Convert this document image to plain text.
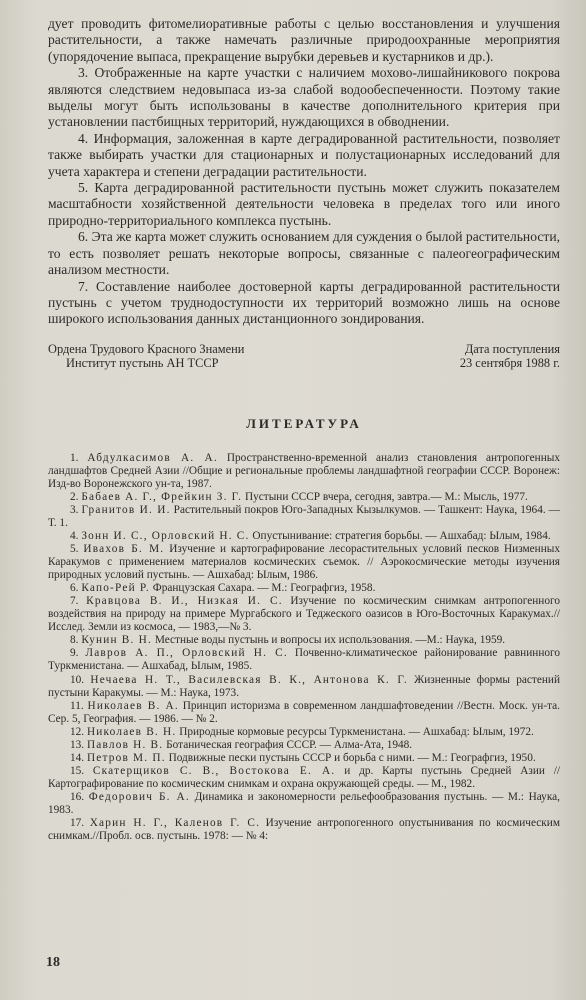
дует проводить фитомелиоративные работы с целью восстановления и улучшения растительности, а также намечать различные природоохранные мероприятия (упорядочение выпаса, прекращение вырубки деревьев и кустарников и др.).

3. Отображенные на карте участки с наличием мохово-лишайникового покрова являются следствием недовыпаса из-за слабой водообеспеченности. Поэтому такие выделы могут быть использованы в качестве дополнительного критерия при установлении пастбищных территорий, нуждающихся в обводнении.

4. Информация, заложенная в карте деградированной растительности, позволяет также выбирать участки для стационарных и полустационарных исследований для учета характера и степени деградации растительности.

5. Карта деградированной растительности пустынь может служить показателем масштабности хозяйственной деятельности человека в пределах того или иного природно-территориального комплекса пустынь.

6. Эта же карта может служить основанием для суждения о былой растительности, то есть позволяет решать некоторые вопросы, связанные с палеогеографическим анализом местности.

7. Составление наиболее достоверной карты деградированной растительности пустынь с учетом труднодоступности их территорий возможно лишь на основе широкого использования данных дистанционного зондирования.

Ордена Трудового Красного Знамени
Институт пустынь АН ТССР
Дата поступления
23 сентября 1988 г.
ЛИТЕРАТУРА

1. Абдулкасимов А. А. Пространственно-временной анализ становления антропогенных ландшафтов Средней Азии //Общие и региональные проблемы ландшафтной географии СССР. Воронеж: Изд-во Воронежского ун-та, 1987.

2. Бабаев А. Г., Фрейкин З. Г. Пустыни СССР вчера, сегодня, завтра.— М.: Мысль, 1977.

3. Гранитов И. И. Растительный покров Юго-Западных Кызылкумов. — Ташкент: Наука, 1964. — Т. 1.

4. Зонн И. С., Орловский Н. С. Опустынивание: стратегия борьбы. — Ашхабад: Ылым, 1984.

5. Ивахов Б. М. Изучение и картографирование лесорастительных условий песков Низменных Каракумов с применением материалов космических съемок. // Аэрокосмические методы изучения природных условий пустынь. — Ашхабад: Ылым, 1986.

6. Капо-Рей Р. Французская Сахара. — М.: Географгиз, 1958.

7. Кравцова В. И., Низкая И. С. Изучение по космическим снимкам антропогенного воздействия на природу на примере Мургабского и Теджеского оазисов в Юго-Восточных Каракумах.//Исслед. Земли из космоса, — 1983,—№ 3.

8. Кунин В. Н. Местные воды пустынь и вопросы их использования. —М.: Наука, 1959.

9. Лавров А. П., Орловский Н. С. Почвенно-климатическое районирование равнинного Туркменистана. — Ашхабад, Ылым, 1985.

10. Нечаева Н. Т., Василевская В. К., Антонова К. Г. Жизненные формы растений пустыни Каракумы. — М.: Наука, 1973.

11. Николаев В. А. Принцип историзма в современном ландшафтоведении //Вестн. Моск. ун-та. Сер. 5, География. — 1986. — № 2.

12. Николаев В. Н. Природные кормовые ресурсы Туркменистана. — Ашхабад: Ылым, 1972.

13. Павлов Н. В. Ботаническая география СССР. — Алма-Ата, 1948.

14. Петров М. П. Подвижные пески пустынь СССР и борьба с ними. — М.: Географгиз, 1950.

15. Скатерщиков С. В., Востокова Е. А. и др. Карты пустынь Средней Азии //Картографирование по космическим снимкам и охрана окружающей среды. — М., 1982.

16. Федорович Б. А. Динамика и закономерности рельефообразования пустынь. — М.: Наука, 1983.

17. Харин Н. Г., Каленов Г. С. Изучение антропогенного опустынивания по космическим снимкам.//Пробл. осв. пустынь. 1978: — № 4:

18
